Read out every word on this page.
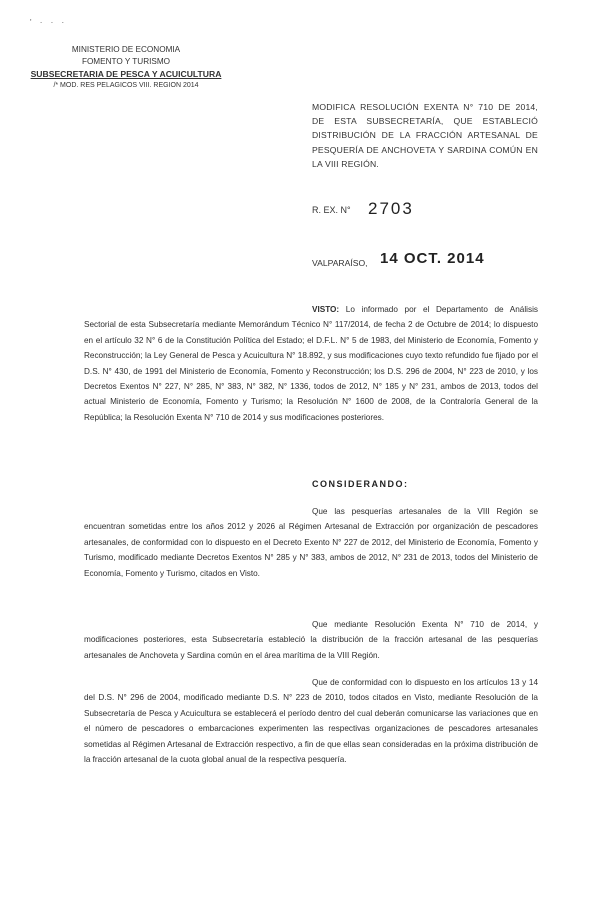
' · · ·
MINISTERIO DE ECONOMIA
FOMENTO Y TURISMO
SUBSECRETARIA DE PESCA Y ACUICULTURA
/* MOD. RES PELAGICOS VIII. REGION 2014
MODIFICA RESOLUCIÓN EXENTA N° 710 DE 2014, DE ESTA SUBSECRETARÍA, QUE ESTABLECIÓ DISTRIBUCIÓN DE LA FRACCIÓN ARTESANAL DE PESQUERÍA DE ANCHOVETA Y SARDINA COMÚN EN LA VIII REGIÓN.
R. EX. N° 2703
VALPARAÍSO, 14 OCT. 2014
VISTO: Lo informado por el Departamento de Análisis Sectorial de esta Subsecretaría mediante Memorándum Técnico N° 117/2014, de fecha 2 de Octubre de 2014; lo dispuesto en el artículo 32 N° 6 de la Constitución Política del Estado; el D.F.L. N° 5 de 1983, del Ministerio de Economía, Fomento y Reconstrucción; la Ley General de Pesca y Acuicultura N° 18.892, y sus modificaciones cuyo texto refundido fue fijado por el D.S. N° 430, de 1991 del Ministerio de Economía, Fomento y Reconstrucción; los D.S. 296 de 2004, N° 223 de 2010, y los Decretos Exentos N° 227, N° 285, N° 383, N° 382, N° 1336, todos de 2012, N° 185 y N° 231, ambos de 2013, todos del actual Ministerio de Economía, Fomento y Turismo; la Resolución N° 1600 de 2008, de la Contraloría General de la República; la Resolución Exenta N° 710 de 2014 y sus modificaciones posteriores.
CONSIDERANDO:
Que las pesquerías artesanales de la VIII Región se encuentran sometidas entre los años 2012 y 2026 al Régimen Artesanal de Extracción por organización de pescadores artesanales, de conformidad con lo dispuesto en el Decreto Exento N° 227 de 2012, del Ministerio de Economía, Fomento y Turismo, modificado mediante Decretos Exentos N° 285 y N° 383, ambos de 2012, N° 231 de 2013, todos del Ministerio de Economía, Fomento y Turismo, citados en Visto.
Que mediante Resolución Exenta N° 710 de 2014, y modificaciones posteriores, esta Subsecretaría estableció la distribución de la fracción artesanal de las pesquerías artesanales de Anchoveta y Sardina común en el área marítima de la VIII Región.
Que de conformidad con lo dispuesto en los artículos 13 y 14 del D.S. N° 296 de 2004, modificado mediante D.S. N° 223 de 2010, todos citados en Visto, mediante Resolución de la Subsecretaría de Pesca y Acuicultura se establecerá el período dentro del cual deberán comunicarse las variaciones que en el número de pescadores o embarcaciones experimenten las respectivas organizaciones de pescadores artesanales sometidas al Régimen Artesanal de Extracción respectivo, a fin de que ellas sean consideradas en la próxima distribución de la fracción artesanal de la cuota global anual de la respectiva pesquería.
